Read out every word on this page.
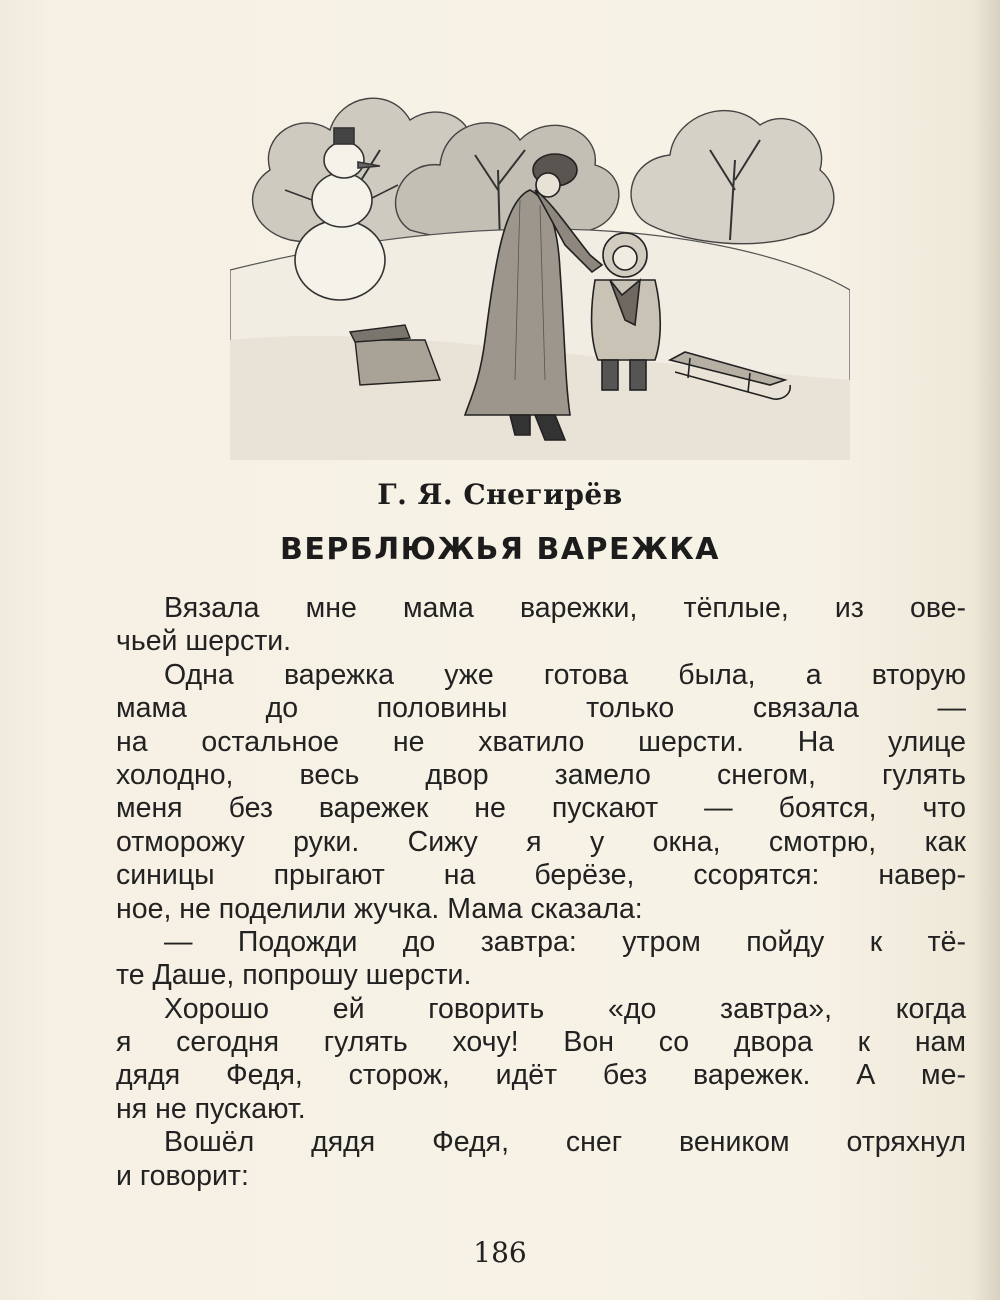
Г. Я. Снегирёв
ВЕРБЛЮЖЬЯ ВАРЕЖКА
Вязала мне мама варежки, тёплые, из ове-
чьей шерсти.
Одна варежка уже готова была, а вторую
мама до половины только связала —
на остальное не хватило шерсти. На улице
холодно, весь двор замело снегом, гулять
меня без варежек не пускают — боятся, что
отморожу руки. Сижу я у окна, смотрю, как
синицы прыгают на берёзе, ссорятся: навер-
ное, не поделили жучка. Мама сказала:
— Подожди до завтра: утром пойду к тё-
те Даше, попрошу шерсти.
Хорошо ей говорить «до завтра», когда
я сегодня гулять хочу! Вон со двора к нам
дядя Федя, сторож, идёт без варежек. А ме-
ня не пускают.
Вошёл дядя Федя, снег веником отряхнул
и говорит:
186
